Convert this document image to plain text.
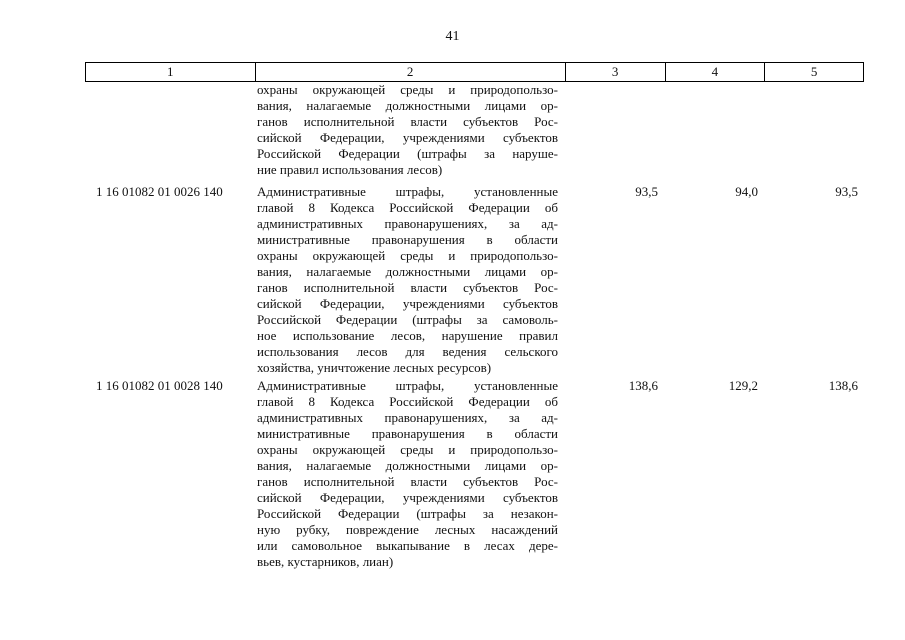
41
1	2	3	4	5
охраны окружающей среды и природопользо-
вания, налагаемые должностными лицами ор-
ганов исполнительной власти субъектов Рос-
сийской Федерации, учреждениями субъектов
Российской Федерации (штрафы за наруше-
ние правил использования лесов)
1 16 01082 01 0026 140	Административные штрафы, установленные
главой 8 Кодекса Российской Федерации об
административных правонарушениях, за ад-
министративные правонарушения в области
охраны окружающей среды и природопользо-
вания, налагаемые должностными лицами ор-
ганов исполнительной власти субъектов Рос-
сийской Федерации, учреждениями субъектов
Российской Федерации (штрафы за самоволь-
ное использование лесов, нарушение правил
использования лесов для ведения сельского
хозяйства, уничтожение лесных ресурсов)
93,5	94,0	93,5
1 16 01082 01 0028 140	Административные штрафы, установленные
главой 8 Кодекса Российской Федерации об
административных правонарушениях, за ад-
министративные правонарушения в области
охраны окружающей среды и природопользо-
вания, налагаемые должностными лицами ор-
ганов исполнительной власти субъектов Рос-
сийской Федерации, учреждениями субъектов
Российской Федерации (штрафы за незакон-
ную рубку, повреждение лесных насаждений
или самовольное выкапывание в лесах дере-
вьев, кустарников, лиан)
138,6	129,2	138,6
